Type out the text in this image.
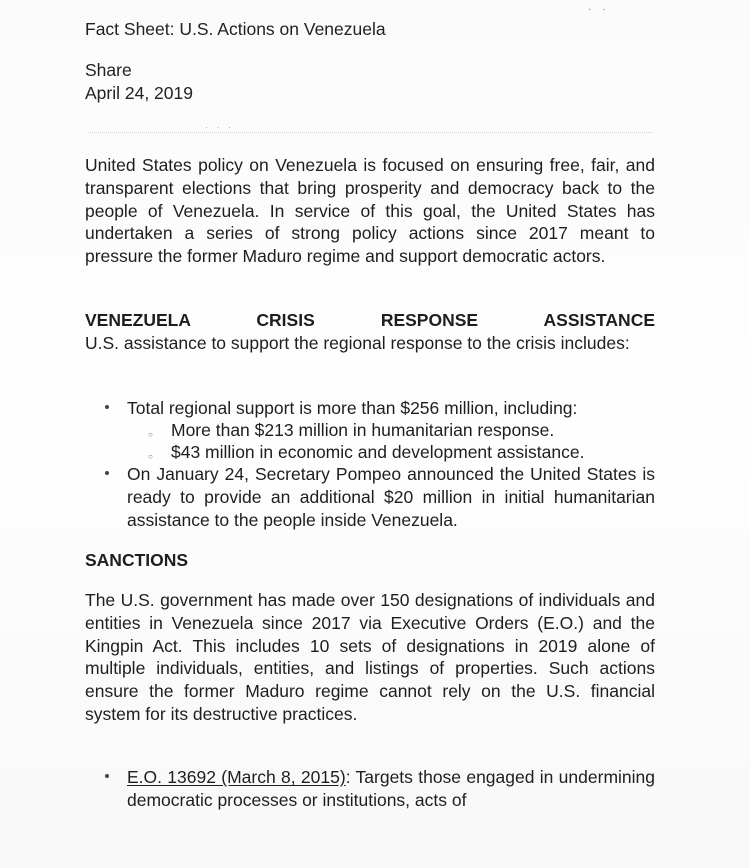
· ·
Fact Sheet: U.S. Actions on Venezuela
Share
April 24, 2019
· · ·
United States policy on Venezuela is focused on ensuring free, fair, and transparent elections that bring prosperity and democracy back to the people of Venezuela. In service of this goal, the United States has undertaken a series of strong policy actions since 2017 meant to pressure the former Maduro regime and support democratic actors.
VENEZUELA CRISIS RESPONSE ASSISTANCE
U.S. assistance to support the regional response to the crisis includes:
Total regional support is more than $256 million, including:
○ More than $213 million in humanitarian response.
○ $43 million in economic and development assistance.
On January 24, Secretary Pompeo announced the United States is ready to provide an additional $20 million in initial humanitarian assistance to the people inside Venezuela.
SANCTIONS
The U.S. government has made over 150 designations of individuals and entities in Venezuela since 2017 via Executive Orders (E.O.) and the Kingpin Act. This includes 10 sets of designations in 2019 alone of multiple individuals, entities, and listings of properties. Such actions ensure the former Maduro regime cannot rely on the U.S. financial system for its destructive practices.
E.O. 13692 (March 8, 2015): Targets those engaged in undermining democratic processes or institutions, acts of
